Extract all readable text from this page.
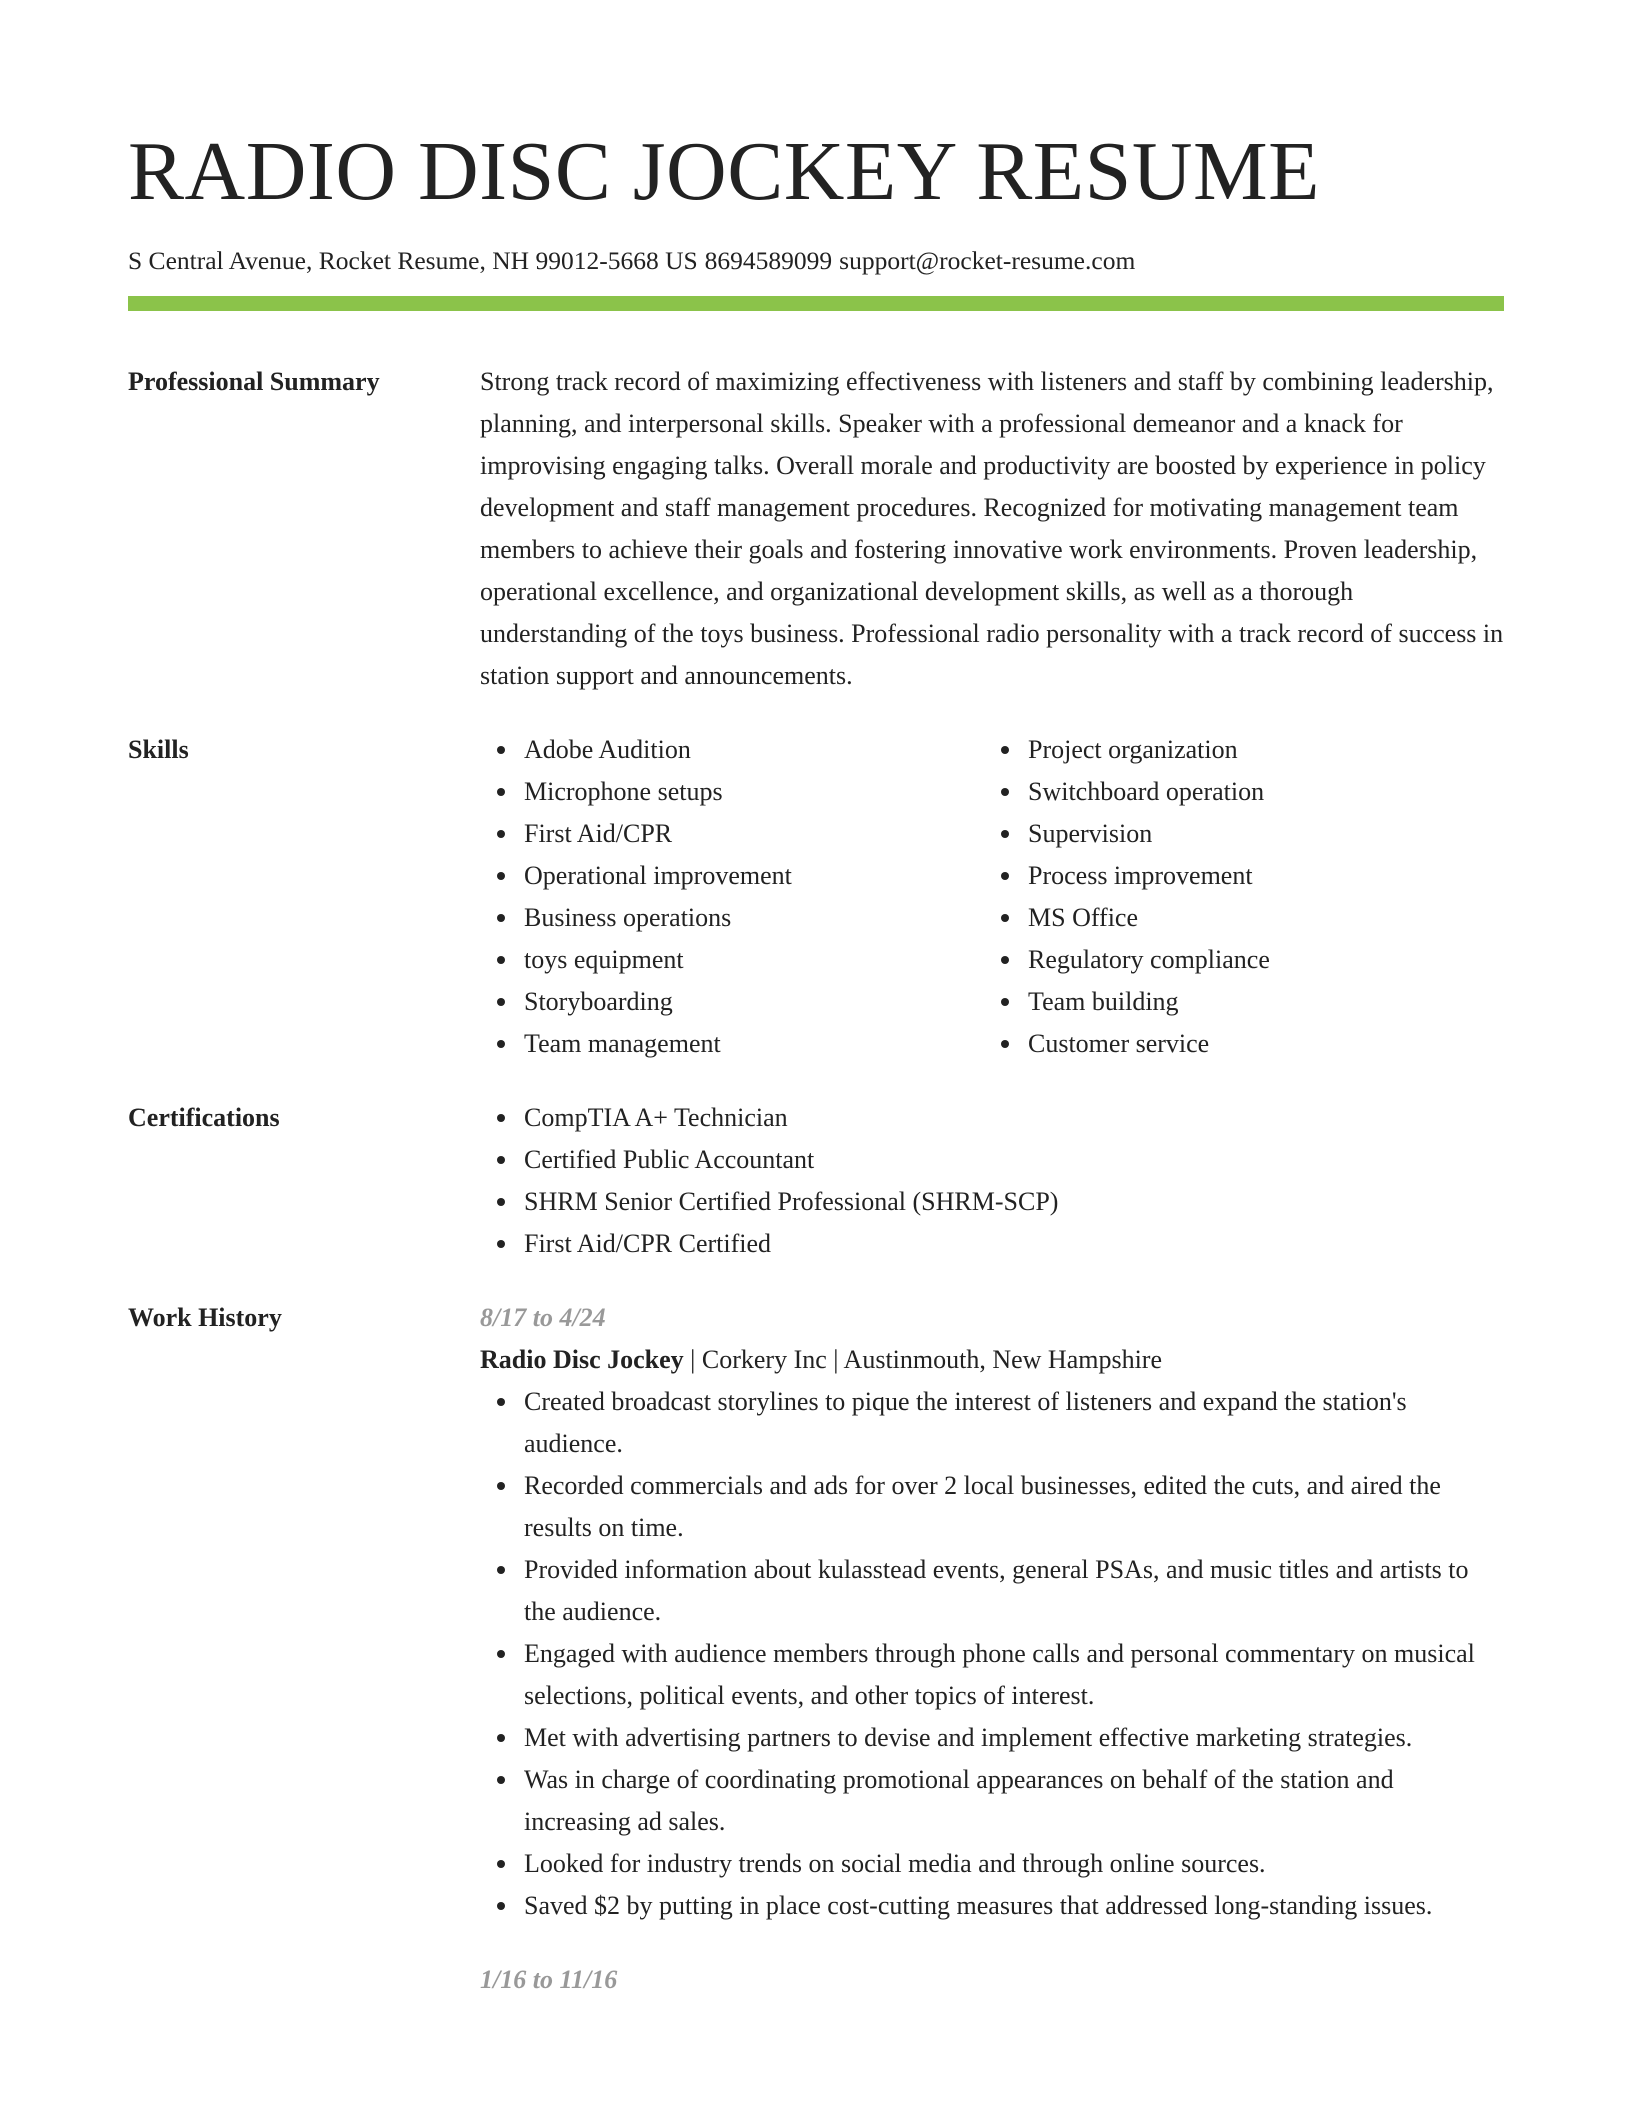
RADIO DISC JOCKEY RESUME
S Central Avenue, Rocket Resume, NH 99012-5668 US 8694589099 support@rocket-resume.com
Professional Summary	Strong track record of maximizing effectiveness with listeners and staff by combining leadership, planning, and interpersonal skills. Speaker with a professional demeanor and a knack for improvising engaging talks. Overall morale and productivity are boosted by experience in policy development and staff management procedures. Recognized for motivating management team members to achieve their goals and fostering innovative work environments. Proven leadership, operational excellence, and organizational development skills, as well as a thorough understanding of the toys business. Professional radio personality with a track record of success in station support and announcements.

Skills	Adobe Audition
Microphone setups
First Aid/CPR
Operational improvement
Business operations
toys equipment
Storyboarding
Team management
Project organization
Switchboard operation
Supervision
Process improvement
MS Office
Regulatory compliance
Team building
Customer service
Certifications	CompTIA A+ Technician
Certified Public Accountant
SHRM Senior Certified Professional (SHRM-SCP)
First Aid/CPR Certified
Work History	8/17 to 4/24
Radio Disc Jockey | Corkery Inc | Austinmouth, New Hampshire
Created broadcast storylines to pique the interest of listeners and expand the station's audience.
Recorded commercials and ads for over 2 local businesses, edited the cuts, and aired the results on time.
Provided information about kulasstead events, general PSAs, and music titles and artists to the audience.
Engaged with audience members through phone calls and personal commentary on musical selections, political events, and other topics of interest.
Met with advertising partners to devise and implement effective marketing strategies.
Was in charge of coordinating promotional appearances on behalf of the station and increasing ad sales.
Looked for industry trends on social media and through online sources.
Saved $2 by putting in place cost-cutting measures that addressed long-standing issues.
1/16 to 11/16
